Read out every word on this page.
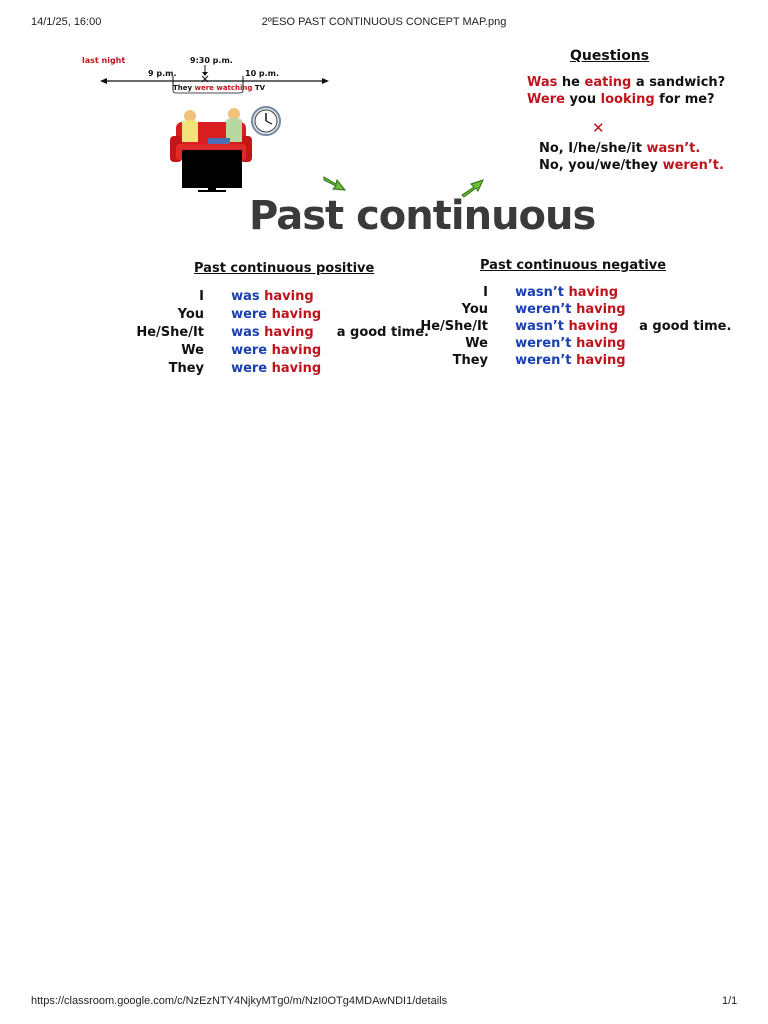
14/1/25, 16:00	2ºESO PAST CONTINUOUS CONCEPT MAP.png
last night	9:30 p.m.
9 p.m.	10 p.m.
They were watching TV
Questions
Was he eating a sandwich?
Were you looking for me?
✕
No, I/he/she/it wasn’t.
No, you/we/they weren’t.
Past continuous
Past continuous positive
I was having
You were having
He/She/It was having a good time.
We were having
They were having
Past continuous negative
I wasn’t having
You weren’t having
He/She/It wasn’t having a good time.
We weren’t having
They weren’t having
https://classroom.google.com/c/NzEzNTY4NjkyMTg0/m/NzI0OTg4MDAwNDI1/details	1/1
